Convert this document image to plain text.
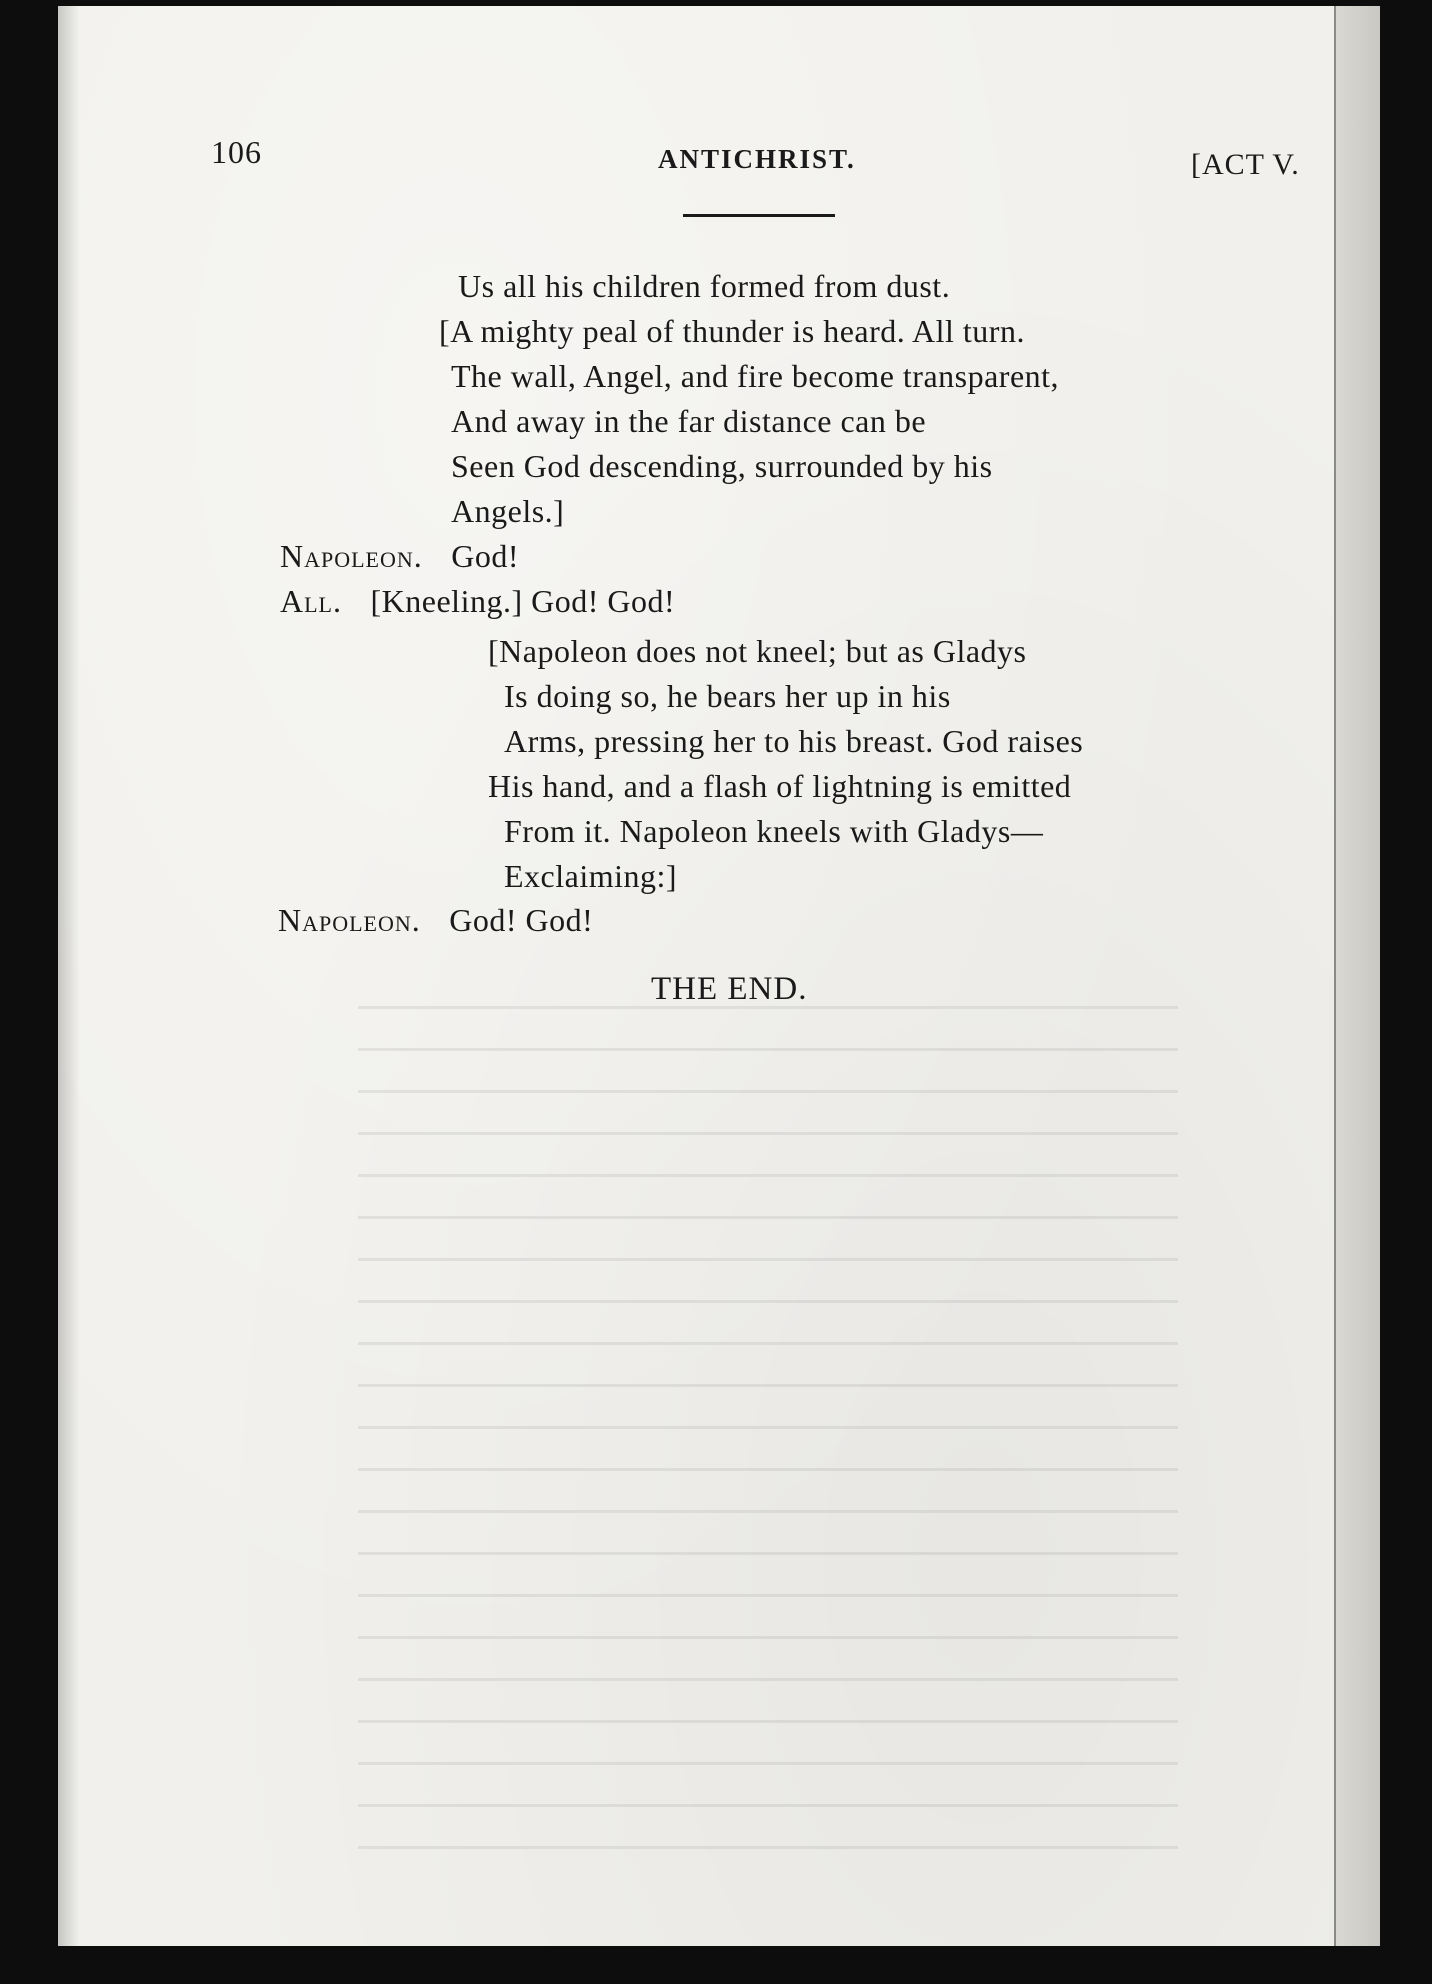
106	ANTICHRIST.	[ACT V.
Us all his children formed from dust.
[A mighty peal of thunder is heard. All turn.
The wall, Angel, and fire become transparent,
And away in the far distance can be
Seen God descending, surrounded by his
Angels.]
Napoleon. God!
All. [Kneeling.] God! God!
[Napoleon does not kneel; but as Gladys
Is doing so, he bears her up in his
Arms, pressing her to his breast. God raises
His hand, and a flash of lightning is emitted
From it. Napoleon kneels with Gladys—
Exclaiming:]
Napoleon. God! God!
THE END.
